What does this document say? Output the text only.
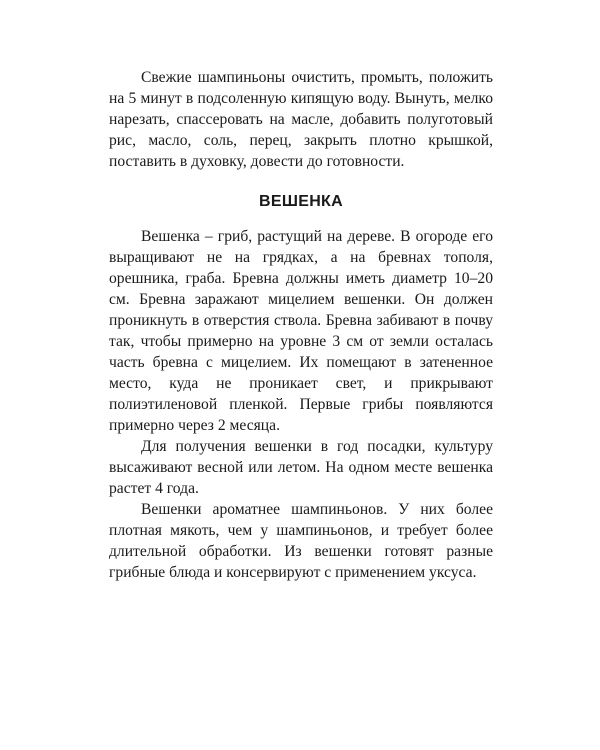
Свежие шампиньоны очистить, промыть, положить на 5 минут в подсоленную кипящую воду. Вынуть, мелко нарезать, спассеровать на масле, добавить полуготовый рис, масло, соль, перец, закрыть плотно крышкой, поставить в духовку, довести до готовности.

ВЕШЕНКА

Вешенка – гриб, растущий на дереве. В огороде его выращивают не на грядках, а на бревнах тополя, орешника, граба. Бревна должны иметь диаметр 10–20 см. Бревна заражают мицелием вешенки. Он должен проникнуть в отверстия ствола. Бревна забивают в почву так, чтобы примерно на уровне 3 см от земли осталась часть бревна с мицелием. Их помещают в затененное место, куда не проникает свет, и прикрывают полиэтиленовой пленкой. Первые грибы появляются примерно через 2 месяца.

Для получения вешенки в год посадки, культуру высаживают весной или летом. На одном месте вешенка растет 4 года.

Вешенки ароматнее шампиньонов. У них более плотная мякоть, чем у шампиньонов, и требует более длительной обработки. Из вешенки готовят разные грибные блюда и консервируют с применением уксуса.
